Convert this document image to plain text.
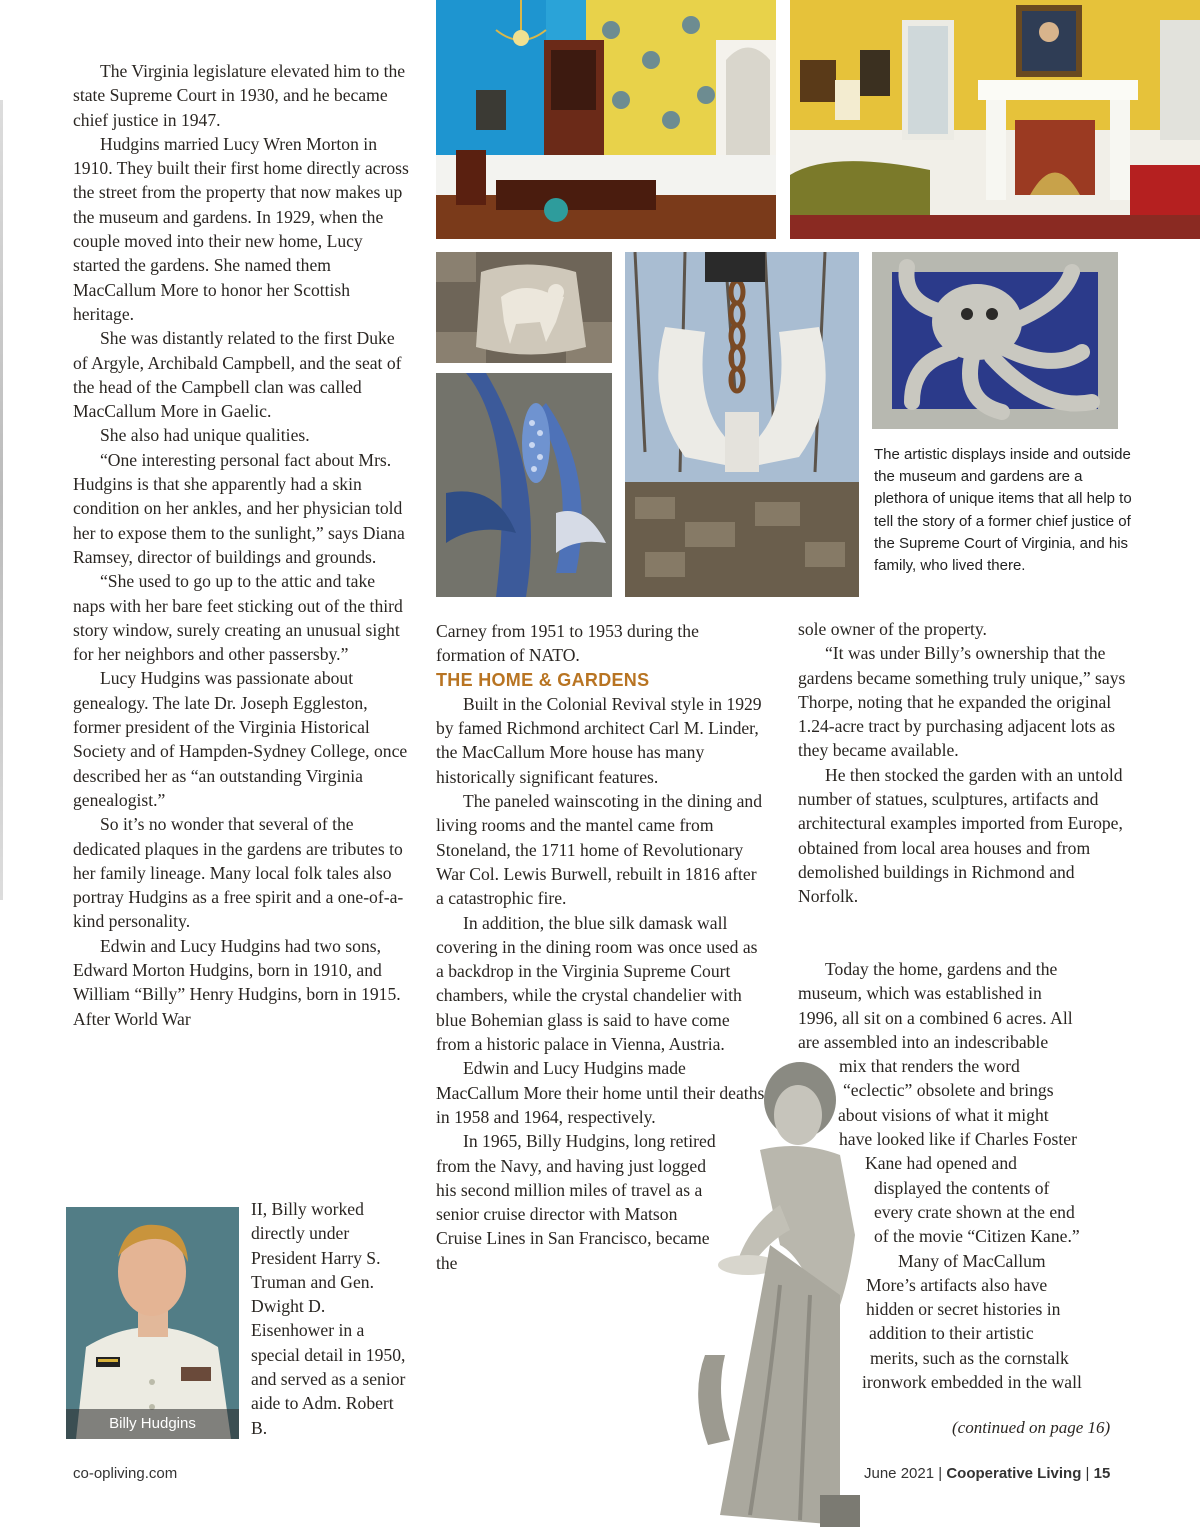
The artistic displays inside and outside the museum and gardens are a plethora of unique items that all help to tell the story of a former chief justice of the Supreme Court of Virginia, and his family, who lived there.
Billy Hudgins

The Virginia legislature elevated him to the state Supreme Court in 1930, and he became chief justice in 1947.

Hudgins married Lucy Wren Morton in 1910. They built their first home directly across the street from the property that now makes up the museum and gardens. In 1929, when the couple moved into their new home, Lucy started the gardens. She named them MacCallum More to honor her Scottish heritage.

She was distantly related to the first Duke of Argyle, Archibald Campbell, and the seat of the head of the Campbell clan was called MacCallum More in Gaelic.

She also had unique qualities.

“One interesting personal fact about Mrs. Hudgins is that she apparently had a skin condition on her ankles, and her physician told her to expose them to the sunlight,” says Diana Ramsey, director of buildings and grounds.

“She used to go up to the attic and take naps with her bare feet sticking out of the third story window, surely creating an unusual sight for her neighbors and other passersby.”

Lucy Hudgins was passionate about genealogy. The late Dr. Joseph Eggleston, former president of the Virginia Historical Society and of Hampden-Sydney College, once described her as “an outstanding Virginia genealogist.”

So it’s no wonder that several of the dedicated plaques in the gardens are tributes to her family lineage. Many local folk tales also portray Hudgins as a free spirit and a one-of-a-kind personality.

Edwin and Lucy Hudgins had two sons, Edward Morton Hudgins, born in 1910, and William “Billy” Henry Hudgins, born in 1915. After World War

II, Billy worked directly under President Harry S. Truman and Gen. Dwight D. Eisenhower in a special detail in 1950, and served as a senior aide to Adm. Robert B.

Carney from 1951 to 1953 during the formation of NATO.

THE HOME & GARDENS

Built in the Colonial Revival style in 1929 by famed Richmond architect Carl M. Linder, the MacCallum More house has many historically significant features.

The paneled wainscoting in the dining and living rooms and the mantel came from Stoneland, the 1711 home of Revolutionary War Col. Lewis Burwell, rebuilt in 1816 after a catastrophic fire.

In addition, the blue silk damask wall covering in the dining room was once used as a backdrop in the Virginia Supreme Court chambers, while the crystal chandelier with blue Bohemian glass is said to have come from a historic palace in Vienna, Austria.

Edwin and Lucy Hudgins made MacCallum More their home until their deaths in 1958 and 1964, respectively.

In 1965, Billy Hudgins, long retired from the Navy, and having just logged his second million miles of travel as a senior cruise director with Matson Cruise Lines in San Francisco, became the

sole owner of the property.

“It was under Billy’s ownership that the gardens became something truly unique,” says Thorpe, noting that he expanded the original 1.24-acre tract by purchasing adjacent lots as they became available.

He then stocked the garden with an untold number of statues, sculptures, artifacts and architectural examples imported from Europe, obtained from local area houses and from demolished buildings in Richmond and Norfolk.

Today the home, gardens and the
museum, which was established in
1996, all sit on a combined 6 acres. All
are assembled into an indescribable
mix that renders the word
“eclectic” obsolete and brings
about visions of what it might
have looked like if Charles Foster
Kane had opened and
displayed the contents of
every crate shown at the end
of the movie “Citizen Kane.”
Many of MacCallum
More’s artifacts also have
hidden or secret histories in
addition to their artistic
merits, such as the cornstalk
ironwork embedded in the wall
(continued on page 16)
co-opliving.com	June 2021 | Cooperative Living | 15
